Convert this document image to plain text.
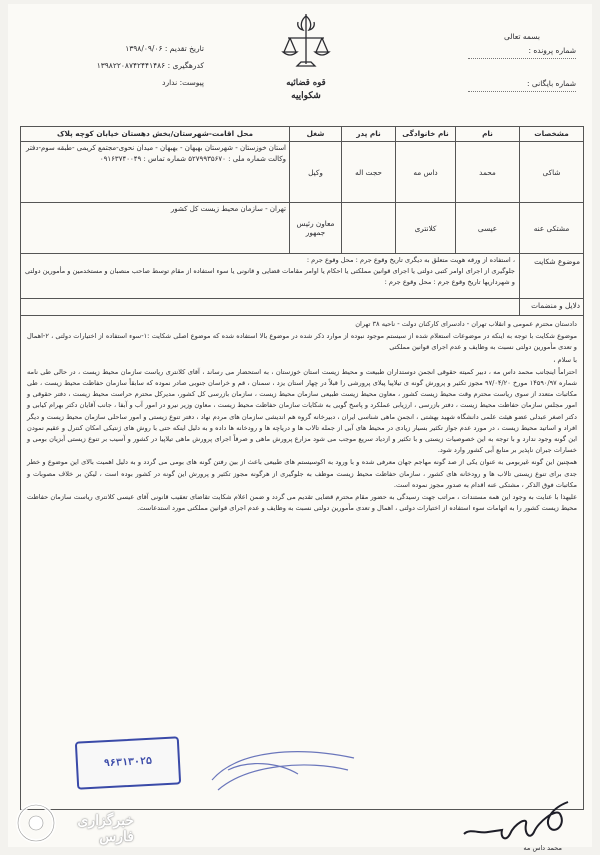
بسمه تعالی
شماره پرونده :
شماره بایگانی :
قوه قضائیه
شکواییه
تاریخ تقدیم : ۱۳۹۸/۰۹/۰۶
کدرهگیری : ۱۳۹۸۲۲۰۸۷۴۲۴۴۱۴۸۶
پیوست: ندارد
مشخصات
نام
نام خانوادگی
نام پدر
شغل
محل اقامت-شهرستان/بخش دهستان خیابان کوچه پلاک
شاکی
محمد
داس مه
حجت اله
وکیل
استان خوزستان - شهرستان بهبهان - بهبهان - میدان نحوی-مجتمع کریمی -طبقه سوم-دفتر وکالت شماره ملی : ۵۲۷۹۹۳۵۶۷۰ شماره تماس : ۰۹۱۶۳۷۴۰۰۴۹
مشتکی عنه
عیسی
کلانتری
معاون رئیس جمهور
تهران - سازمان محیط زیست کل کشور
موضوع شکایت
، استفاده از ورقه هویت متعلق به دیگری تاریخ وقوع جرم : محل وقوع جرم :
جلوگیری از اجرای اوامر کتبی دولتی یا اجرای قوانین مملکتی یا احکام یا اوامر مقامات قضایی و قانونی یا سوء استفاده از مقام توسط صاحب منصبان و مستخدمین و مأمورین دولتی و شهرداریها تاریخ وقوع جرم : محل وقوع جرم :
دلایل و منضمات

دادستان محترم عمومی و انقلاب تهران - دادسرای کارکنان دولت - ناحیه ۳۸ تهران

موضوع شکایت با توجه به اینکه در موضوعات استعلام شده از سیستم موجود نبوده از موارد ذکر شده در موضوع بالا استفاده شده که موضوع اصلی شکایت :۱-سوء استفاده از اختیارات دولتی ، ۲-اهمال و تعدی مأمورین دولتی نسبت به وظایف و عدم اجرای قوانین مملکتی

با سلام ،

احتراماً اینجانب محمد داس مه ، دبیر کمیته حقوقی انجمن دوستداران طبیعت و محیط زیست استان خوزستان ، به استحضار می رساند ، آقای کلانتری ریاست سازمان محیط زیست ، در حالی طی نامه شماره ۱۴۵۹۰/۹۷ مورخ ۹۷/۰۴/۲۰ مجوز تکثیر و پرورش گونه ی تیلاپیا پیلای پرورشی را قبلاً در چهار استان یزد ، سمنان ، قم و خراسان جنوبی صادر نموده که سابقاً سازمان حفاظت محیط زیست ، طی مکاتبات متعدد از سوی ریاست محترم وقت محیط زیست کشور ، معاون محیط زیست طبیعی سازمان محیط زیست ، سازمان بازرسی کل کشور، مدیرکل محترم حراست محیط زیست ، دفتر حقوقی و امور مجلس سازمان حفاظت محیط زیست ، دفتر بازرسی ، ارزیابی عملکرد و پاسخ گویی به شکایات سازمان حفاظت محیط زیست ، معاون وزیر نیرو در امور آب و آبفا ، جانب آقایان دکتر بهرام کیابی و دکتر اصغر عبدلی عضو هیئت علمی دانشگاه شهید بهشتی ، انجمن ماهی شناسی ایران ، دبیرخانه گروه هم اندیشی سازمان های مردم نهاد ، دفتر تنوع زیستی و امور ساحلی سازمان محیط زیست و دیگر افراد و اساتید محیط زیست ، در مورد عدم جواز تکثیر بسیار زیادی در محیط های آبی از جمله تالاب ها و دریاچه ها و رودخانه ها داده و به دلیل اینکه حتی با روش های ژنتیکی امکان کنترل و عقیم نمودن این گونه وجود ندارد و با توجه به این خصوصیات زیستی و با تکثیر و ازدیاد سریع موجب می شود مزارع پرورش ماهی و صرفاً اجرای پرورش ماهی تیلاپیا در کشور و آسیب بر تنوع زیستی آبزیان بومی و خسارات جبران ناپذیر بر منابع آبی کشور وارد شود.

همچنین این گونه غیربومی به عنوان یکی از صد گونه مهاجم جهان معرفی شده و با ورود به اکوسیستم های طبیعی باعث از بین رفتن گونه های بومی می گردد و به دلیل اهمیت بالای این موضوع و خطر جدی برای تنوع زیستی تالاب ها و رودخانه های کشور ، سازمان حفاظت محیط زیست موظف به جلوگیری از هرگونه مجوز تکثیر و پرورش این گونه در کشور بوده است ، لیکن بر خلاف مصوبات و مکاتبات فوق الذکر ، مشتکی عنه اقدام به صدور مجوز نموده است.

علیهذا با عنایت به وجود این همه مستندات ، مراتب جهت رسیدگی به حضور مقام محترم قضایی تقدیم می گردد و ضمن اعلام شکایت تقاضای تعقیب قانونی آقای عیسی کلانتری ریاست سازمان حفاظت محیط زیست کشور را به اتهامات سوء استفاده از اختیارات دولتی ، اهمال و تعدی مأمورین دولتی نسبت به وظایف و عدم اجرای قوانین مملکتی مورد استدعاست.

۹۶۳۱۳۰۲۵
محمد داس مه
خبرگزاری فارس
